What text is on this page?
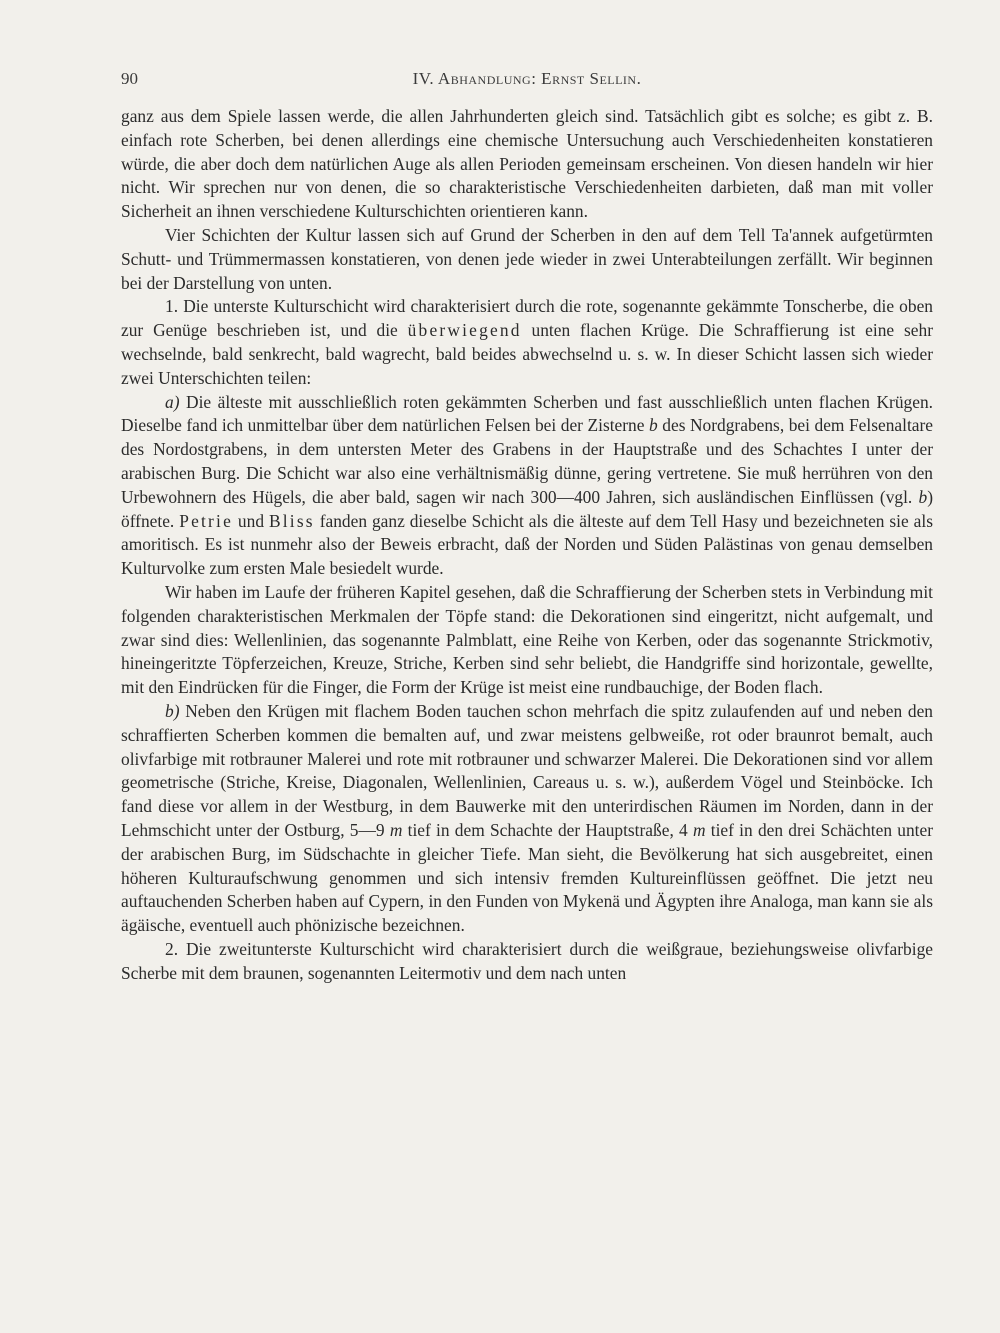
90	IV. Abhandlung: Ernst Sellin.

ganz aus dem Spiele lassen werde, die allen Jahrhunderten gleich sind. Tatsächlich gibt es solche; es gibt z. B. einfach rote Scherben, bei denen allerdings eine chemische Untersuchung auch Verschiedenheiten konstatieren würde, die aber doch dem natürlichen Auge als allen Perioden gemeinsam erscheinen. Von diesen handeln wir hier nicht. Wir sprechen nur von denen, die so charakteristische Verschiedenheiten darbieten, daß man mit voller Sicherheit an ihnen verschiedene Kulturschichten orientieren kann.

Vier Schichten der Kultur lassen sich auf Grund der Scherben in den auf dem Tell Ta'annek aufgetürmten Schutt- und Trümmermassen konstatieren, von denen jede wieder in zwei Unterabteilungen zerfällt. Wir beginnen bei der Darstellung von unten.

1. Die unterste Kulturschicht wird charakterisiert durch die rote, sogenannte gekämmte Tonscherbe, die oben zur Genüge beschrieben ist, und die überwiegend unten flachen Krüge. Die Schraffierung ist eine sehr wechselnde, bald senkrecht, bald wagrecht, bald beides abwechselnd u. s. w. In dieser Schicht lassen sich wieder zwei Unterschichten teilen:

a) Die älteste mit ausschließlich roten gekämmten Scherben und fast ausschließlich unten flachen Krügen. Dieselbe fand ich unmittelbar über dem natürlichen Felsen bei der Zisterne b des Nordgrabens, bei dem Felsenaltare des Nordostgrabens, in dem untersten Meter des Grabens in der Hauptstraße und des Schachtes I unter der arabischen Burg. Die Schicht war also eine verhältnismäßig dünne, gering vertretene. Sie muß herrühren von den Urbewohnern des Hügels, die aber bald, sagen wir nach 300—400 Jahren, sich ausländischen Einflüssen (vgl. b) öffnete. Petrie und Bliss fanden ganz dieselbe Schicht als die älteste auf dem Tell Hasy und bezeichneten sie als amoritisch. Es ist nunmehr also der Beweis erbracht, daß der Norden und Süden Palästinas von genau demselben Kulturvolke zum ersten Male besiedelt wurde.

Wir haben im Laufe der früheren Kapitel gesehen, daß die Schraffierung der Scherben stets in Verbindung mit folgenden charakteristischen Merkmalen der Töpfe stand: die Dekorationen sind eingeritzt, nicht aufgemalt, und zwar sind dies: Wellenlinien, das sogenannte Palmblatt, eine Reihe von Kerben, oder das sogenannte Strickmotiv, hineingeritzte Töpferzeichen, Kreuze, Striche, Kerben sind sehr beliebt, die Handgriffe sind horizontale, gewellte, mit den Eindrücken für die Finger, die Form der Krüge ist meist eine rundbauchige, der Boden flach.

b) Neben den Krügen mit flachem Boden tauchen schon mehrfach die spitz zulaufenden auf und neben den schraffierten Scherben kommen die bemalten auf, und zwar meistens gelbweiße, rot oder braunrot bemalt, auch olivfarbige mit rotbrauner Malerei und rote mit rotbrauner und schwarzer Malerei. Die Dekorationen sind vor allem geometrische (Striche, Kreise, Diagonalen, Wellenlinien, Careaus u. s. w.), außerdem Vögel und Steinböcke. Ich fand diese vor allem in der Westburg, in dem Bauwerke mit den unterirdischen Räumen im Norden, dann in der Lehmschicht unter der Ostburg, 5—9 m tief in dem Schachte der Hauptstraße, 4 m tief in den drei Schächten unter der arabischen Burg, im Südschachte in gleicher Tiefe. Man sieht, die Bevölkerung hat sich ausgebreitet, einen höheren Kulturaufschwung genommen und sich intensiv fremden Kultureinflüssen geöffnet. Die jetzt neu auftauchenden Scherben haben auf Cypern, in den Funden von Mykenä und Ägypten ihre Analoga, man kann sie als ägäische, eventuell auch phönizische bezeichnen.

2. Die zweitunterste Kulturschicht wird charakterisiert durch die weißgraue, beziehungsweise olivfarbige Scherbe mit dem braunen, sogenannten Leitermotiv und dem nach unten
